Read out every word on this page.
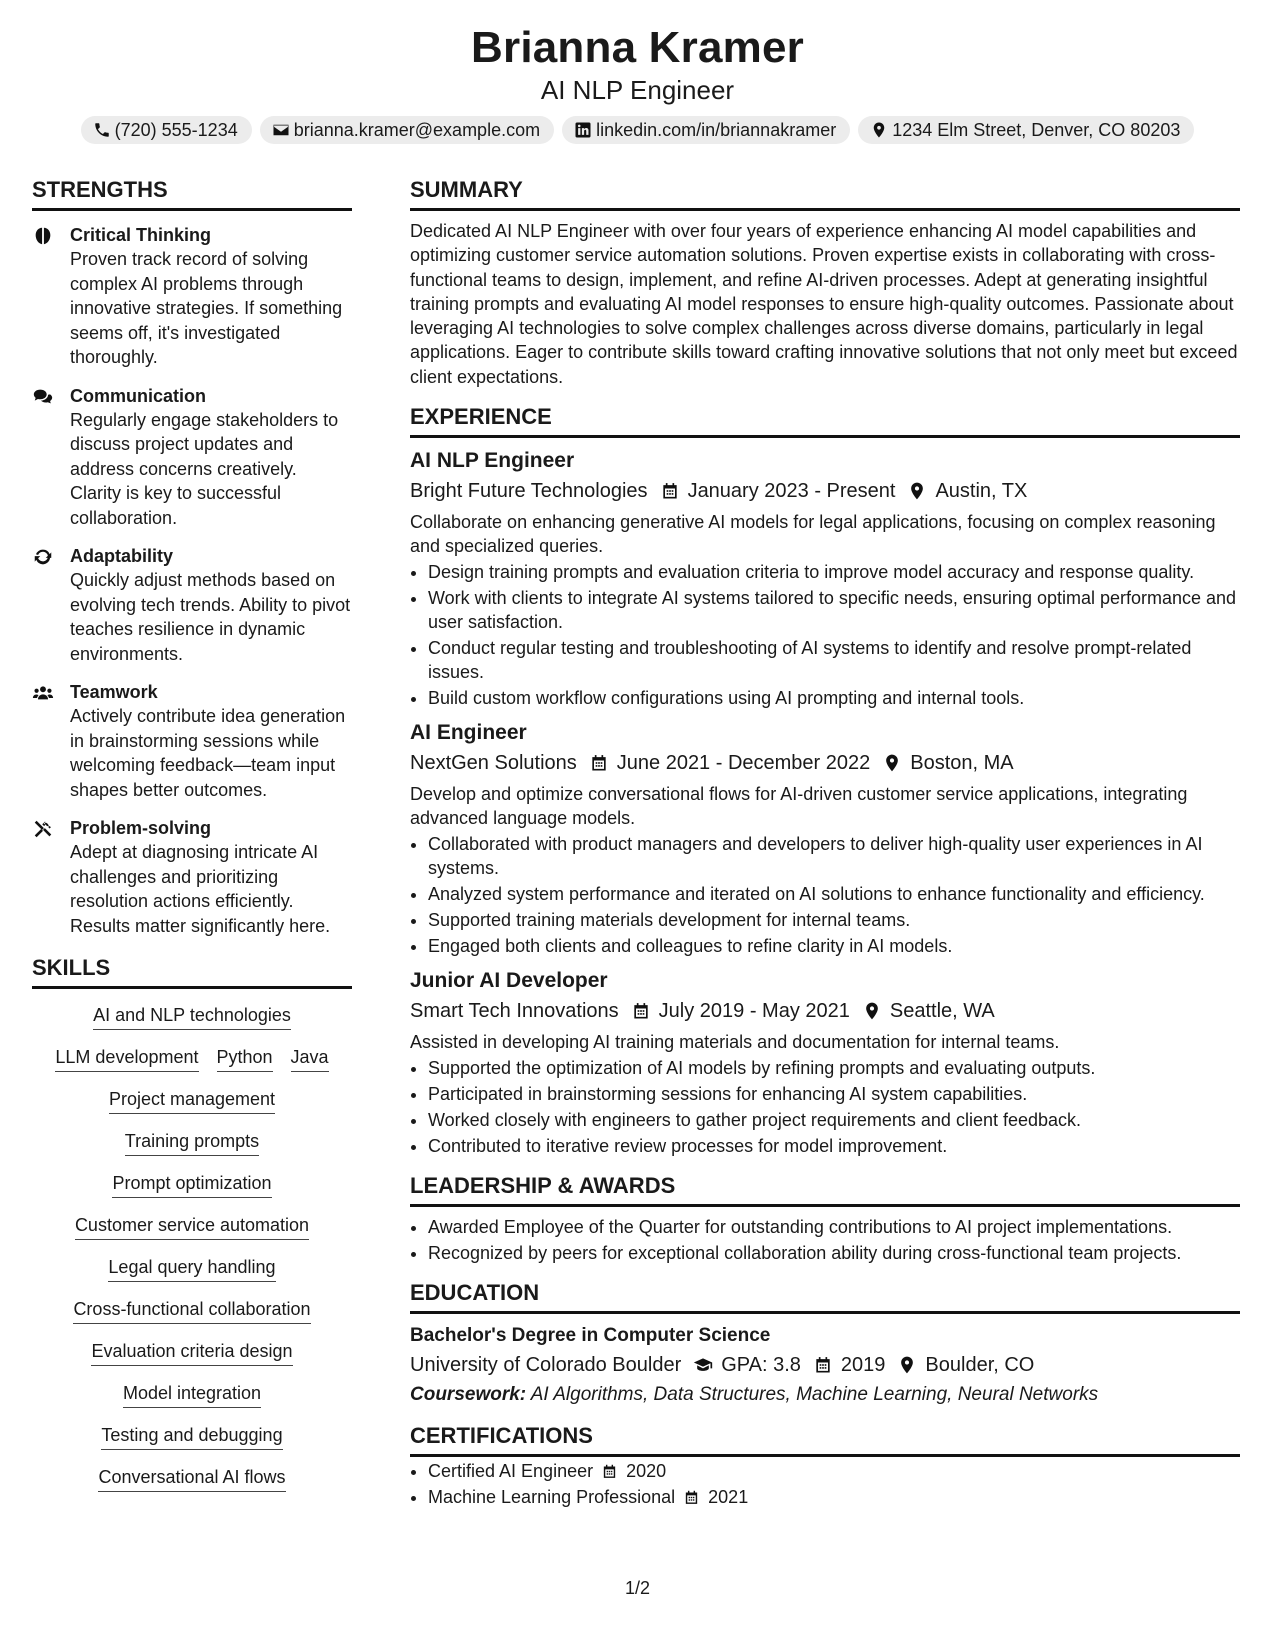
Brianna Kramer
AI NLP Engineer
(720) 555-1234	brianna.kramer@example.com	linkedin.com/in/briannakramer	1234 Elm Street, Denver, CO 80203
STRENGTHS
Critical Thinking
Proven track record of solving complex AI problems through innovative strategies. If something seems off, it's investigated thoroughly.
Communication
Regularly engage stakeholders to discuss project updates and address concerns creatively. Clarity is key to successful collaboration.
Adaptability
Quickly adjust methods based on evolving tech trends. Ability to pivot teaches resilience in dynamic environments.
Teamwork
Actively contribute idea generation in brainstorming sessions while welcoming feedback—team input shapes better outcomes.
Problem-solving
Adept at diagnosing intricate AI challenges and prioritizing resolution actions efficiently. Results matter significantly here.
SKILLS
AI and NLP technologies
LLM development Python Java
Project management
Training prompts
Prompt optimization
Customer service automation
Legal query handling
Cross-functional collaboration
Evaluation criteria design
Model integration
Testing and debugging
Conversational AI flows
SUMMARY
Dedicated AI NLP Engineer with over four years of experience enhancing AI model capabilities and optimizing customer service automation solutions. Proven expertise exists in collaborating with cross-functional teams to design, implement, and refine AI-driven processes. Adept at generating insightful training prompts and evaluating AI model responses to ensure high-quality outcomes. Passionate about leveraging AI technologies to solve complex challenges across diverse domains, particularly in legal applications. Eager to contribute skills toward crafting innovative solutions that not only meet but exceed client expectations.
EXPERIENCE
AI NLP Engineer
Bright Future Technologies January 2023 - Present Austin, TX
Collaborate on enhancing generative AI models for legal applications, focusing on complex reasoning and specialized queries.
• Design training prompts and evaluation criteria to improve model accuracy and response quality.
• Work with clients to integrate AI systems tailored to specific needs, ensuring optimal performance and user satisfaction.
• Conduct regular testing and troubleshooting of AI systems to identify and resolve prompt-related issues.
• Build custom workflow configurations using AI prompting and internal tools.
AI Engineer
NextGen Solutions June 2021 - December 2022 Boston, MA
Develop and optimize conversational flows for AI-driven customer service applications, integrating advanced language models.
• Collaborated with product managers and developers to deliver high-quality user experiences in AI systems.
• Analyzed system performance and iterated on AI solutions to enhance functionality and efficiency.
• Supported training materials development for internal teams.
• Engaged both clients and colleagues to refine clarity in AI models.
Junior AI Developer
Smart Tech Innovations July 2019 - May 2021 Seattle, WA
Assisted in developing AI training materials and documentation for internal teams.
• Supported the optimization of AI models by refining prompts and evaluating outputs.
• Participated in brainstorming sessions for enhancing AI system capabilities.
• Worked closely with engineers to gather project requirements and client feedback.
• Contributed to iterative review processes for model improvement.
LEADERSHIP & AWARDS
• Awarded Employee of the Quarter for outstanding contributions to AI project implementations.
• Recognized by peers for exceptional collaboration ability during cross-functional team projects.
EDUCATION
Bachelor's Degree in Computer Science
University of Colorado Boulder GPA: 3.8 2019 Boulder, CO
Coursework: AI Algorithms, Data Structures, Machine Learning, Neural Networks
CERTIFICATIONS
• Certified AI Engineer 2020
• Machine Learning Professional 2021
1/2
